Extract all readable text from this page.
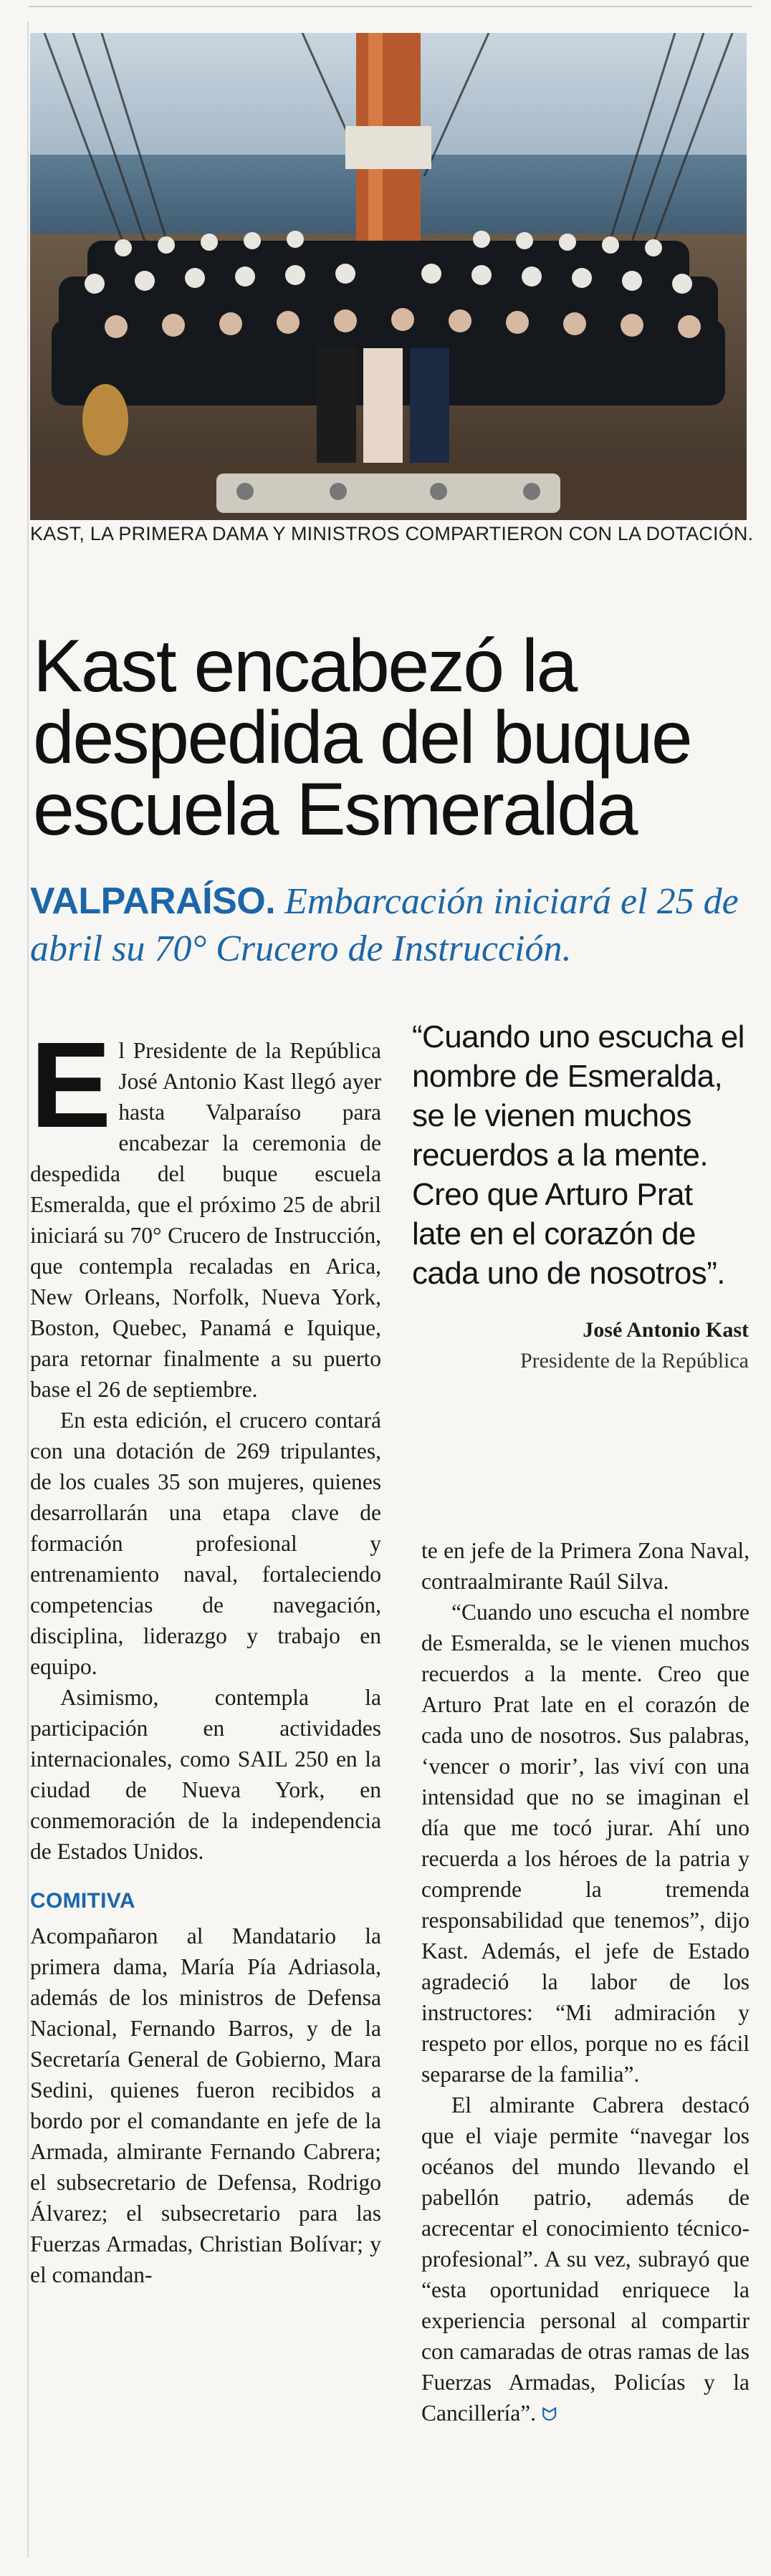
KAST, LA PRIMERA DAMA Y MINISTROS COMPARTIERON CON LA DOTACIÓN.
Kast encabezó la
despedida del buque
escuela Esmeralda
VALPARAÍSO. Embarcación iniciará el 25 de abril su 70° Crucero de Instrucción.

El Presidente de la República José Antonio Kast llegó ayer hasta Valparaíso para encabezar la ceremonia de despedida del buque escuela Esmeralda, que el próximo 25 de abril iniciará su 70° Crucero de Instrucción, que contempla recaladas en Arica, New Orleans, Norfolk, Nueva York, Boston, Quebec, Panamá e Iquique, para retornar finalmente a su puerto base el 26 de septiembre.

En esta edición, el crucero contará con una dotación de 269 tripulantes, de los cuales 35 son mujeres, quienes desarrollarán una etapa clave de formación profesional y entrenamiento naval, fortaleciendo competencias de navegación, disciplina, liderazgo y trabajo en equipo.

Asimismo, contempla la participación en actividades internacionales, como SAIL 250 en la ciudad de Nueva York, en conmemoración de la independencia de Estados Unidos.

COMITIVA

Acompañaron al Mandatario la primera dama, María Pía Adriasola, además de los ministros de Defensa Nacional, Fernando Barros, y de la Secretaría General de Gobierno, Mara Sedini, quienes fueron recibidos a bordo por el comandante en jefe de la Armada, almirante Fernando Cabrera; el subsecretario de Defensa, Rodrigo Álvarez; el subsecretario para las Fuerzas Armadas, Christian Bolívar; y el comandan-

“Cuando uno escucha el nombre de Esmeralda, se le vienen muchos recuerdos a la mente. Creo que Arturo Prat late en el corazón de cada uno de nosotros”.

José Antonio Kast

Presidente de la República

te en jefe de la Primera Zona Naval, contraalmirante Raúl Silva.

“Cuando uno escucha el nombre de Esmeralda, se le vienen muchos recuerdos a la mente. Creo que Arturo Prat late en el corazón de cada uno de nosotros. Sus palabras, ‘vencer o morir’, las viví con una intensidad que no se imaginan el día que me tocó jurar. Ahí uno recuerda a los héroes de la patria y comprende la tremenda responsabilidad que tenemos”, dijo Kast. Además, el jefe de Estado agradeció la labor de los instructores: “Mi admiración y respeto por ellos, porque no es fácil separarse de la familia”.

El almirante Cabrera destacó que el viaje permite “navegar los océanos del mundo llevando el pabellón patrio, además de acrecentar el conocimiento técnico-profesional”. A su vez, subrayó que “esta oportunidad enriquece la experiencia personal al compartir con camaradas de otras ramas de las Fuerzas Armadas, Policías y la Cancillería”. ᗢ
